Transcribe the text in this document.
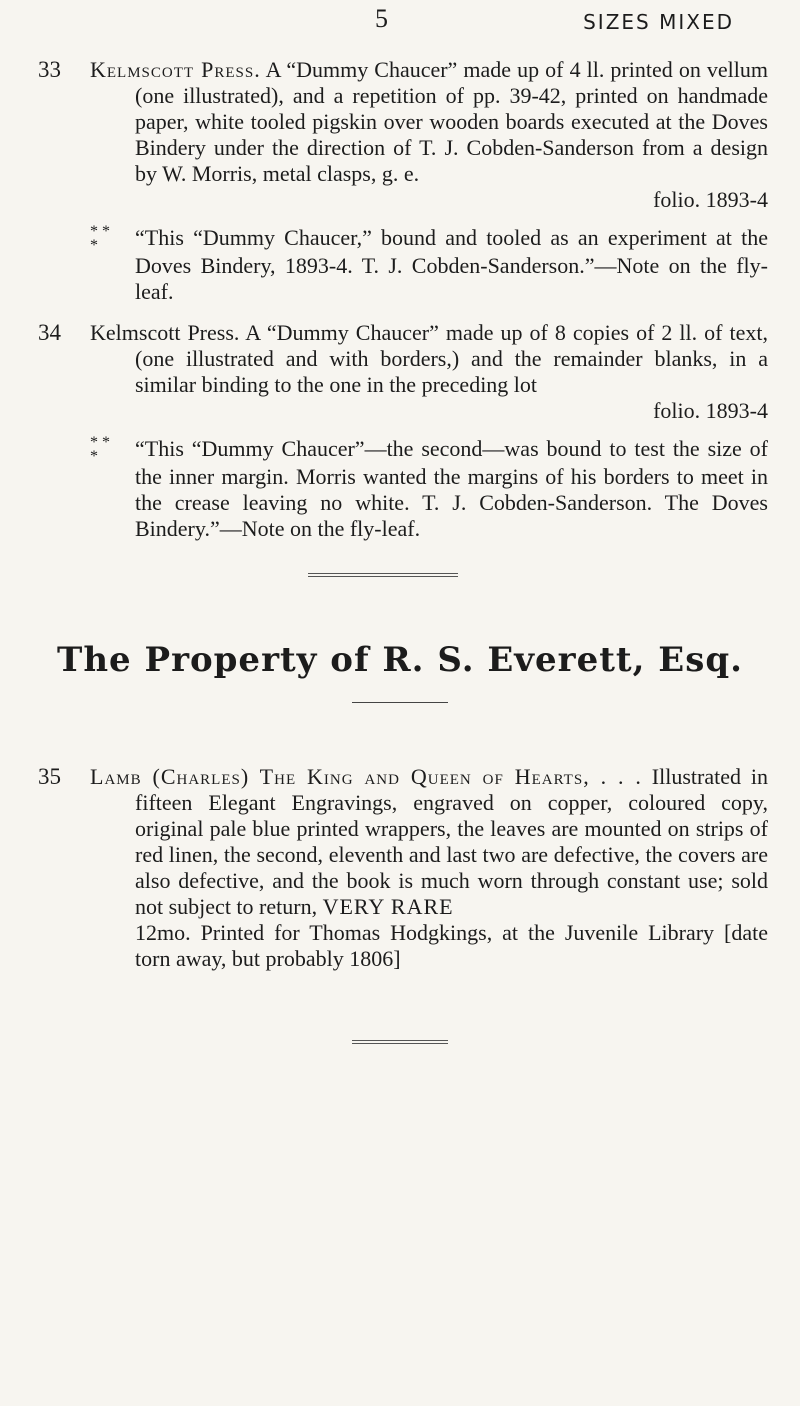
5	SIZES MIXED
33 Kelmscott Press. A “Dummy Chaucer” made up of 4 ll. printed on vellum (one illustrated), and a repetition of pp. 39-42, printed on handmade paper, white tooled pigskin over wooden boards executed at the Doves Bindery under the direction of T. J. Cobden-Sanderson from a design by W. Morris, metal clasps, g. e.
folio. 1893-4

* *
* “This “Dummy Chaucer,” bound and tooled as an experiment at the Doves Bindery, 1893-4. T. J. Cobden-Sanderson.”—Note on the fly-leaf.

34 Kelmscott Press. A “Dummy Chaucer” made up of 8 copies of 2 ll. of text, (one illustrated and with borders,) and the remainder blanks, in a similar binding to the one in the preceding lot
folio. 1893-4

* *
* “This “Dummy Chaucer”—the second—was bound to test the size of the inner margin. Morris wanted the margins of his borders to meet in the crease leaving no white. T. J. Cobden-Sanderson. The Doves Bindery.”—Note on the fly-leaf.

The Property of R. S. Everett, Esq.
35 Lamb (Charles) The King and Queen of Hearts, . . . Illustrated in fifteen Elegant Engravings, engraved on copper, coloured copy, original pale blue printed wrappers, the leaves are mounted on strips of red linen, the second, eleventh and last two are defective, the covers are also defective, and the book is much worn through constant use; sold not subject to return, VERY RARE

12mo. Printed for Thomas Hodgkings, at the Juvenile Library [date torn away, but probably 1806]
